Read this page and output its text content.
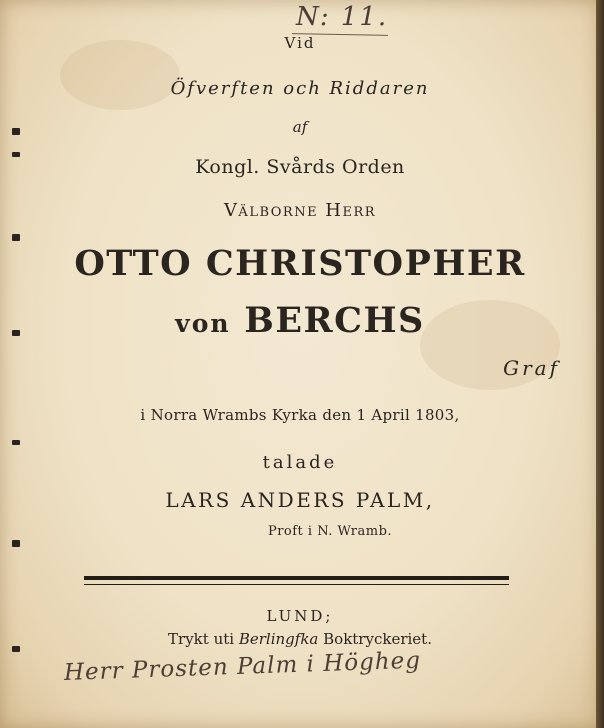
N: 11.
Vid
Öfverften och Riddaren
af
Kongl. Svårds Orden
Välborne Herr
OTTO CHRISTOPHER
von BERCHS
Graf
i Norra Wrambs Kyrka den 1 April 1803,
talade
LARS ANDERS PALM,
Proft i N. Wramb.
LUND;
Trykt uti Berlingfka Boktryckeriet.
Herr Prosten Palm i Högheg
